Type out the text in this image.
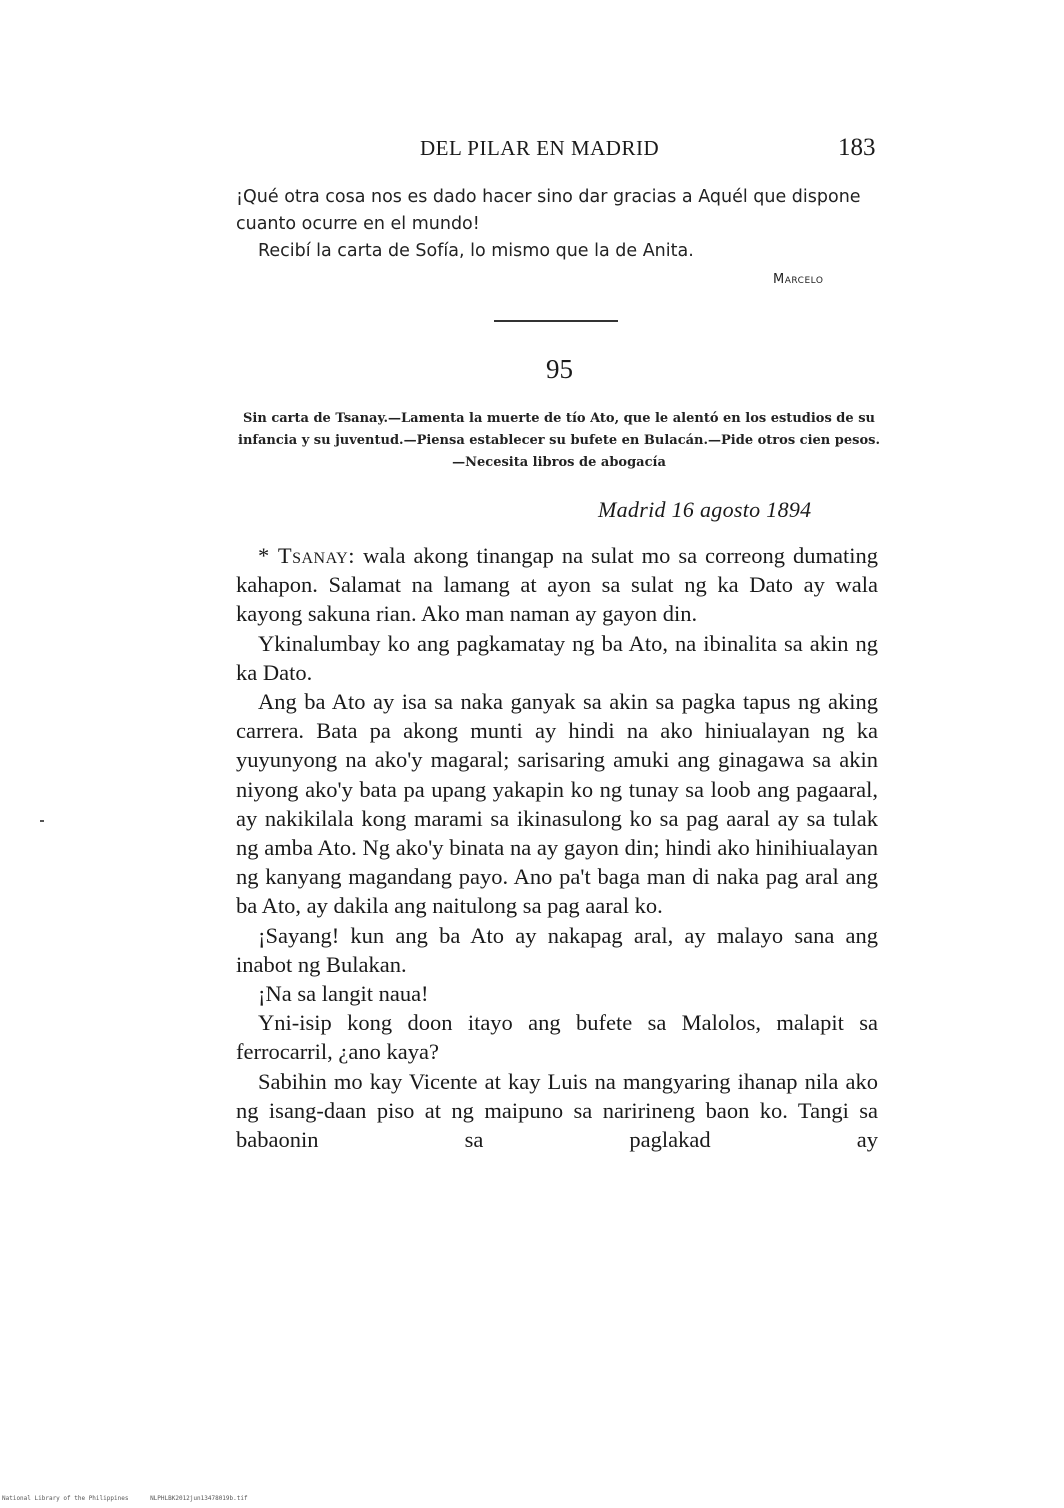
DEL PILAR EN MADRID	183

¡Qué otra cosa nos es dado hacer sino dar gracias a Aquél que dispone cuanto ocurre en el mundo!

Recibí la carta de Sofía, lo mismo que la de Anita.

Marcelo
95
Sin carta de Tsanay.—Lamenta la muerte de tío Ato, que le alentó en los estudios de su infancia y su juventud.—Piensa establecer su bufete en Bulacán.—Pide otros cien pesos.—Necesita libros de abogacía
Madrid 16 agosto 1894

* Tsanay: wala akong tinangap na sulat mo sa correong dumating kahapon. Salamat na lamang at ayon sa sulat ng ka Dato ay wala kayong sakuna rian. Ako man naman ay gayon din.

Ykinalumbay ko ang pagkamatay ng ba Ato, na ibinalita sa akin ng ka Dato.

Ang ba Ato ay isa sa naka ganyak sa akin sa pagka tapus ng aking carrera. Bata pa akong munti ay hindi na ako hiniualayan ng ka yuyunyong na ako'y magaral; sarisaring amuki ang ginagawa sa akin niyong ako'y bata pa upang yakapin ko ng tunay sa loob ang pagaaral, ay nakikilala kong marami sa ikinasulong ko sa pag aaral ay sa tulak ng amba Ato. Ng ako'y binata na ay gayon din; hindi ako hinihiualayan ng kanyang magandang payo. Ano pa't baga man di naka pag aral ang ba Ato, ay dakila ang naitulong sa pag aaral ko.

¡Sayang! kun ang ba Ato ay nakapag aral, ay malayo sana ang inabot ng Bulakan.

¡Na sa langit naua!

Yni-isip kong doon itayo ang bufete sa Malolos, malapit sa ferrocarril, ¿ano kaya?

Sabihin mo kay Vicente at kay Luis na mangyaring ihanap nila ako ng isang-daan piso at ng maipuno sa naririneng baon ko. Tangi sa babaonin sa paglakad ay

National Library of the Philippines	NLPHLBK2012jun13478019b.tif
